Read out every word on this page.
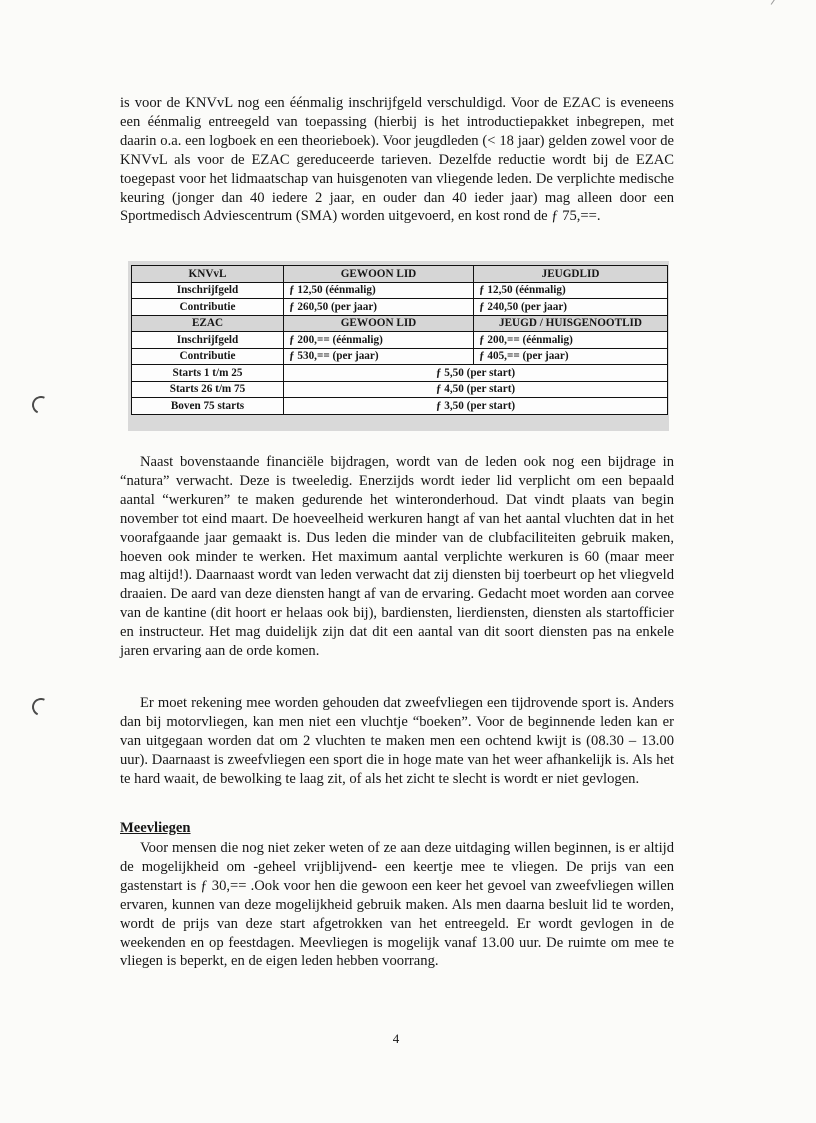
is voor de KNVvL nog een éénmalig inschrijfgeld verschuldigd. Voor de EZAC is eveneens een éénmalig entreegeld van toepassing (hierbij is het introductiepakket inbegrepen, met daarin o.a. een logboek en een theorieboek). Voor jeugdleden (< 18 jaar) gelden zowel voor de KNVvL als voor de EZAC gereduceerde tarieven. Dezelfde reductie wordt bij de EZAC toegepast voor het lidmaatschap van huisgenoten van vliegende leden. De verplichte medische keuring (jonger dan 40 iedere 2 jaar, en ouder dan 40 ieder jaar) mag alleen door een Sportmedisch Adviescentrum (SMA) worden uitgevoerd, en kost rond de ƒ 75,==.

KNVvL	GEWOON LID	JEUGDLID
Inschrijfgeld	ƒ 12,50 (éénmalig)	ƒ 12,50 (éénmalig)
Contributie	ƒ 260,50 (per jaar)	ƒ 240,50 (per jaar)
EZAC	GEWOON LID	JEUGD / HUISGENOOTLID
Inschrijfgeld	ƒ 200,== (éénmalig)	ƒ 200,== (éénmalig)
Contributie	ƒ 530,== (per jaar)	ƒ 405,== (per jaar)
Starts 1 t/m 25	ƒ 5,50 (per start)	
Starts 26 t/m 75	ƒ 4,50 (per start)	
Boven 75 starts	ƒ 3,50 (per start)	

Naast bovenstaande financiële bijdragen, wordt van de leden ook nog een bijdrage in “natura” verwacht. Deze is tweeledig. Enerzijds wordt ieder lid verplicht om een bepaald aantal “werkuren” te maken gedurende het winteronderhoud. Dat vindt plaats van begin november tot eind maart. De hoeveelheid werkuren hangt af van het aantal vluchten dat in het voorafgaande jaar gemaakt is. Dus leden die minder van de clubfaciliteiten gebruik maken, hoeven ook minder te werken. Het maximum aantal verplichte werkuren is 60 (maar meer mag altijd!). Daarnaast wordt van leden verwacht dat zij diensten bij toerbeurt op het vliegveld draaien. De aard van deze diensten hangt af van de ervaring. Gedacht moet worden aan corvee van de kantine (dit hoort er helaas ook bij), bardiensten, lierdiensten, diensten als startofficier en instructeur. Het mag duidelijk zijn dat dit een aantal van dit soort diensten pas na enkele jaren ervaring aan de orde komen.

Er moet rekening mee worden gehouden dat zweefvliegen een tijdrovende sport is. Anders dan bij motorvliegen, kan men niet een vluchtje “boeken”. Voor de beginnende leden kan er van uitgegaan worden dat om 2 vluchten te maken men een ochtend kwijt is (08.30 – 13.00 uur). Daarnaast is zweefvliegen een sport die in hoge mate van het weer afhankelijk is. Als het te hard waait, de bewolking te laag zit, of als het zicht te slecht is wordt er niet gevlogen.

Meevliegen

Voor mensen die nog niet zeker weten of ze aan deze uitdaging willen beginnen, is er altijd de mogelijkheid om -geheel vrijblijvend- een keertje mee te vliegen. De prijs van een gastenstart is ƒ 30,== .Ook voor hen die gewoon een keer het gevoel van zweefvliegen willen ervaren, kunnen van deze mogelijkheid gebruik maken. Als men daarna besluit lid te worden, wordt de prijs van deze start afgetrokken van het entreegeld. Er wordt gevlogen in de weekenden en op feestdagen. Meevliegen is mogelijk vanaf 13.00 uur. De ruimte om mee te vliegen is beperkt, en de eigen leden hebben voorrang.

4
